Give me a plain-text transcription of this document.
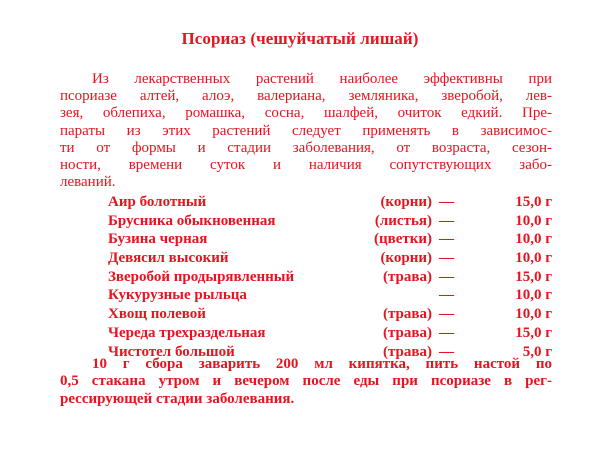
Псориаз (чешуйчатый лишай)
Из лекарственных растений наиболее эффективны при
псориазе алтей, алоэ, валериана, земляника, зверобой, лев-
зея, облепиха, ромашка, сосна, шалфей, очиток едкий. Пре-
параты из этих растений следует применять в зависимос-
ти от формы и стадии заболевания, от возраста, сезон-
ности, времени суток и наличия сопутствующих забо-
леваний.
Аир болотный	(корни) —	15,0 г
Брусника обыкновенная	(листья) —	10,0 г
Бузина черная	(цветки) —	10,0 г
Девясил высокий	(корни) —	10,0 г
Зверобой продырявленный	(трава) —	15,0 г
Кукурузные рыльца	—	10,0 г
Хвощ полевой	(трава) —	10,0 г
Череда трехраздельная	(трава) —	15,0 г
Чистотел большой	(трава) —	5,0 г
10 г сбора заварить 200 мл кипятка, пить настой по
0,5 стакана утром и вечером после еды при псориазе в рег-
рессирующей стадии заболевания.
